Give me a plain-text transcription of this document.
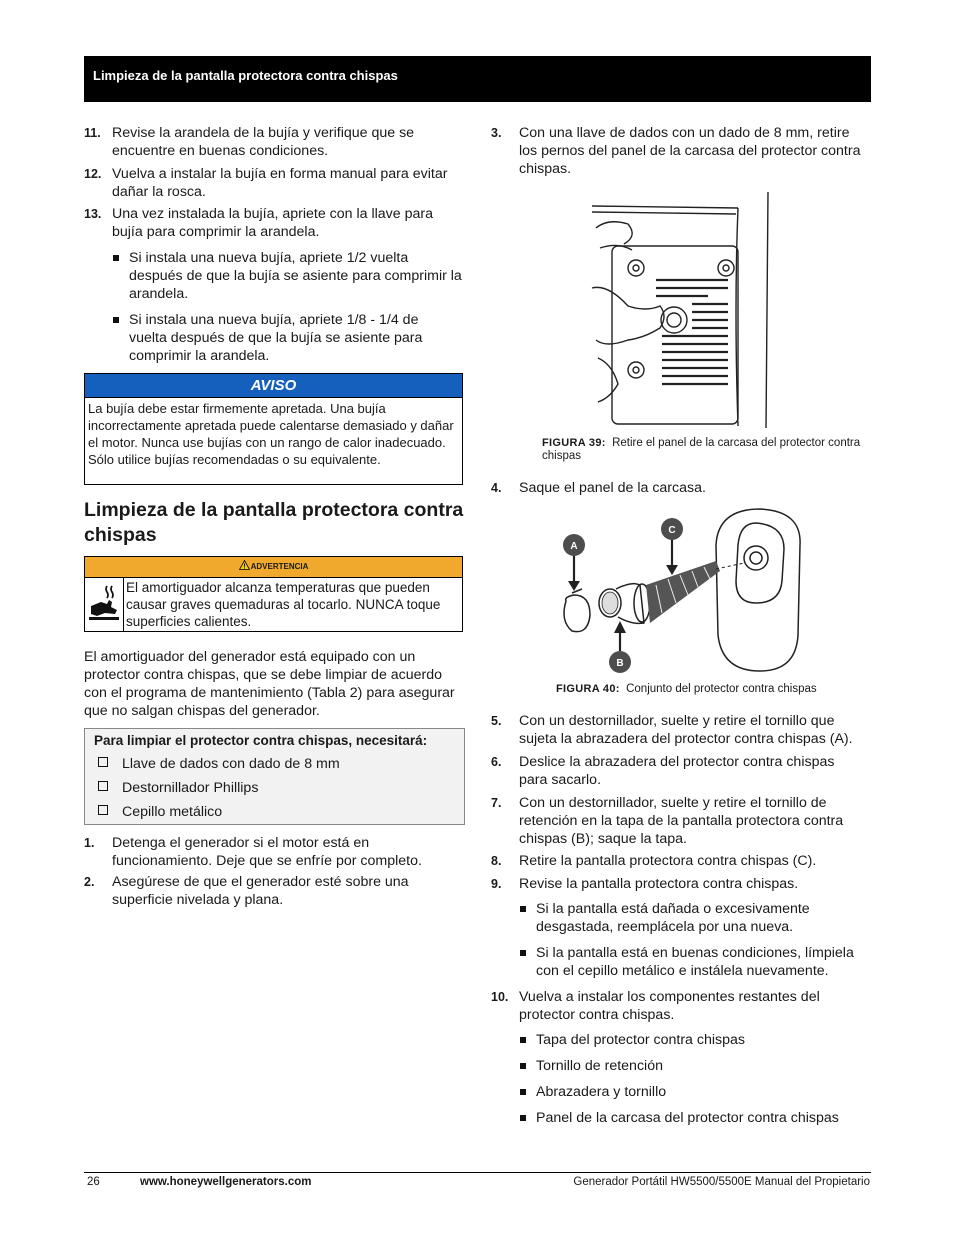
Limpieza de la pantalla protectora contra chispas
11. Revise la arandela de la bujía y verifique que se encuentre en buenas condiciones.
12. Vuelva a instalar la bujía en forma manual para evitar dañar la rosca.
13. Una vez instalada la bujía, apriete con la llave para bujía para comprimir la arandela.
Si instala una nueva bujía, apriete 1/2 vuelta después de que la bujía se asiente para comprimir la arandela.
Si instala una nueva bujía, apriete 1/8 - 1/4 de vuelta después de que la bujía se asiente para comprimir la arandela.
AVISO
La bujía debe estar firmemente apretada. Una bujía incorrectamente apretada puede calentarse demasiado y dañar el motor. Nunca use bujías con un rango de calor inadecuado. Sólo utilice bujías recomendadas o su equivalente.
Limpieza de la pantalla protectora contra chispas
ADVERTENCIA
El amortiguador alcanza temperaturas que pueden causar graves quemaduras al tocarlo. NUNCA toque superficies calientes.
El amortiguador del generador está equipado con un protector contra chispas, que se debe limpiar de acuerdo con el programa de mantenimiento (Tabla 2) para asegurar que no salgan chispas del generador.
Para limpiar el protector contra chispas, necesitará:
Llave de dados con dado de 8 mm
Destornillador Phillips
Cepillo metálico
1. Detenga el generador si el motor está en funcionamiento. Deje que se enfríe por completo.
2. Asegúrese de que el generador esté sobre una superficie nivelada y plana.
3. Con una llave de dados con un dado de 8 mm, retire los pernos del panel de la carcasa del protector contra chispas.
FIGURA 39: Retire el panel de la carcasa del protector contra chispas
4. Saque el panel de la carcasa.
A
C
B
FIGURA 40: Conjunto del protector contra chispas
5. Con un destornillador, suelte y retire el tornillo que sujeta la abrazadera del protector contra chispas (A).
6. Deslice la abrazadera del protector contra chispas para sacarlo.
7. Con un destornillador, suelte y retire el tornillo de retención en la tapa de la pantalla protectora contra chispas (B); saque la tapa.
8. Retire la pantalla protectora contra chispas (C).
9. Revise la pantalla protectora contra chispas.
Si la pantalla está dañada o excesivamente desgastada, reemplácela por una nueva.
Si la pantalla está en buenas condiciones, límpiela con el cepillo metálico e instálela nuevamente.
10. Vuelva a instalar los componentes restantes del protector contra chispas.
Tapa del protector contra chispas
Tornillo de retención
Abrazadera y tornillo
Panel de la carcasa del protector contra chispas
26	www.honeywellgenerators.com	Generador Portátil HW5500/5500E Manual del Propietario
